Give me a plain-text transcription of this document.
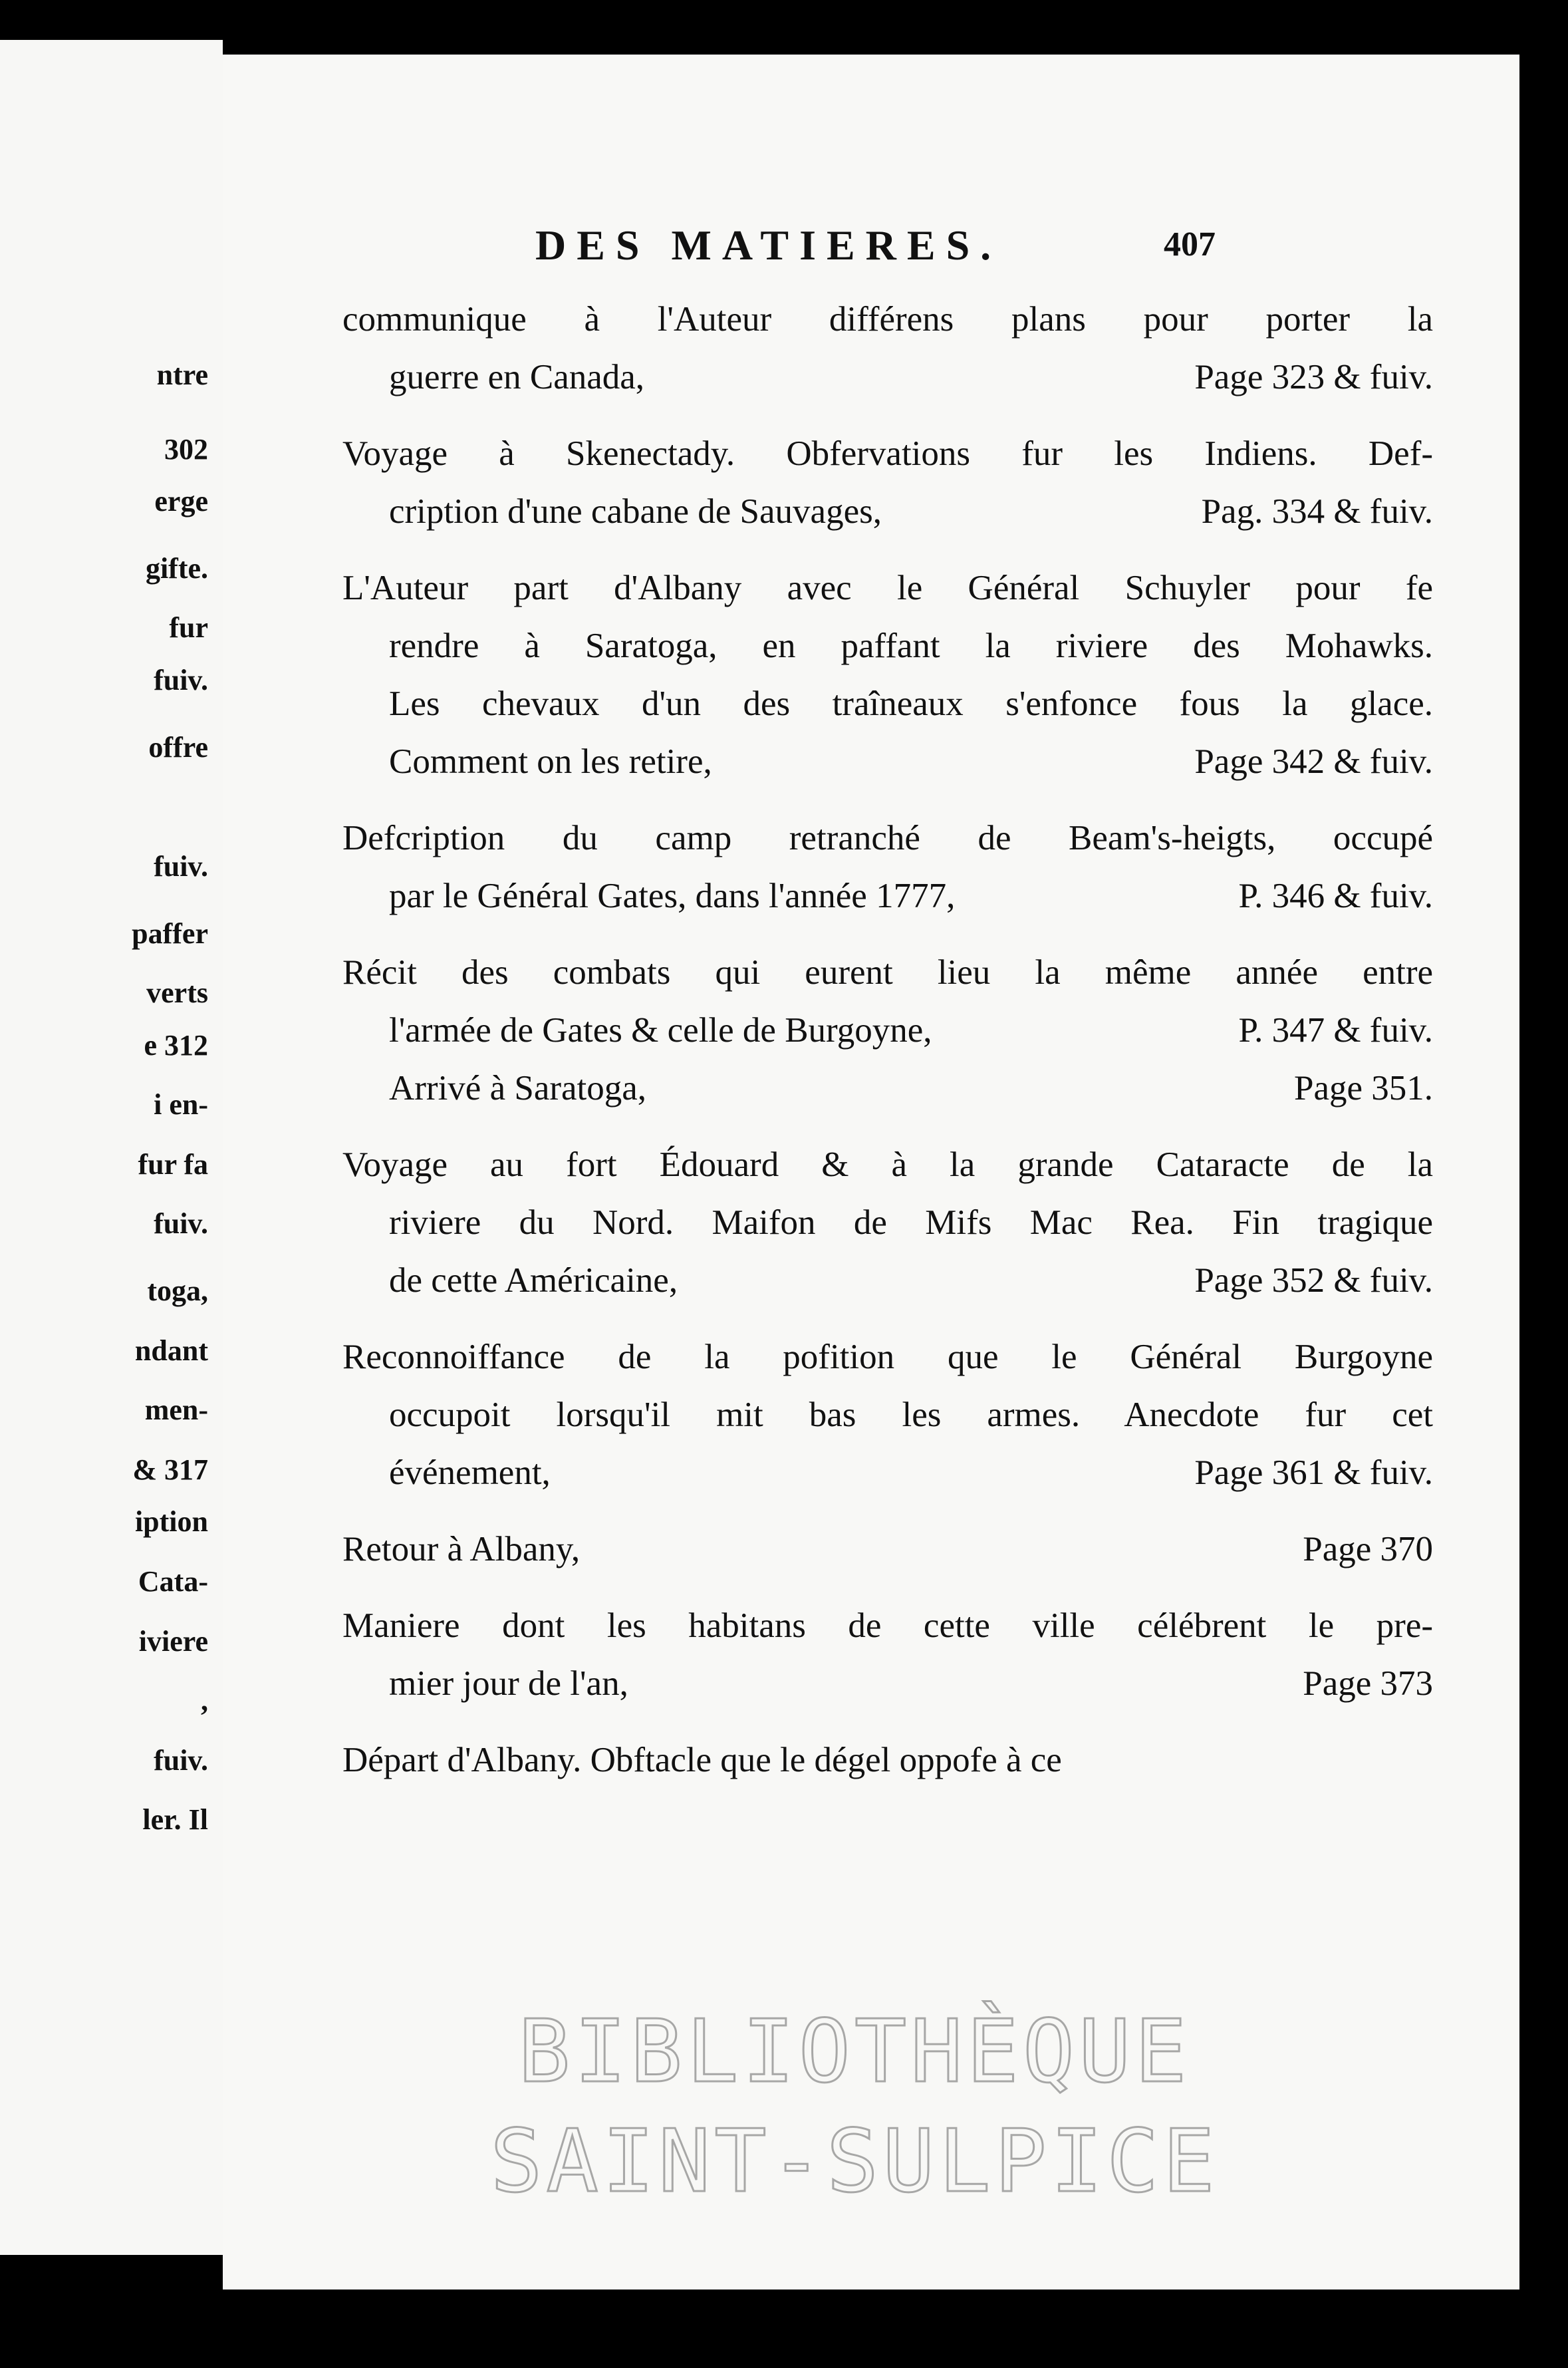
ntre
302
erge
gifte.
fur
fuiv.
offre
fuiv.
paffer
verts
e 312
i en-
fur fa
fuiv.
toga,
ndant
men-
& 317
iption
Cata-
iviere
,
fuiv.
ler. Il
DES MATIERES.	407
communique à l'Auteur différens plans pour porter la
guerre en Canada,	Page 323 & fuiv.
Voyage à Skenectady. Obfervations fur les Indiens. Def-
cription d'une cabane de Sauvages,	Pag. 334 & fuiv.
L'Auteur part d'Albany avec le Général Schuyler pour fe
rendre à Saratoga, en paffant la riviere des Mohawks.
Les chevaux d'un des traîneaux s'enfonce fous la glace.
Comment on les retire,	Page 342 & fuiv.
Defcription du camp retranché de Beam's-heigts, occupé
par le Général Gates, dans l'année 1777,	P. 346 & fuiv.
Récit des combats qui eurent lieu la même année entre
l'armée de Gates & celle de Burgoyne,	P. 347 & fuiv.
Arrivé à Saratoga,	Page 351.
Voyage au fort Édouard & à la grande Cataracte de la
riviere du Nord. Maifon de Mifs Mac Rea. Fin tragique
de cette Américaine,	Page 352 & fuiv.
Reconnoiffance de la pofition que le Général Burgoyne
occupoit lorsqu'il mit bas les armes. Anecdote fur cet
événement,	Page 361 & fuiv.
Retour à Albany,	Page 370
Maniere dont les habitans de cette ville célébrent le pre-
mier jour de l'an,	Page 373
Départ d'Albany. Obftacle que le dégel oppofe à ce
BIBLIOTHÈQUE
SAINT-SULPICE
